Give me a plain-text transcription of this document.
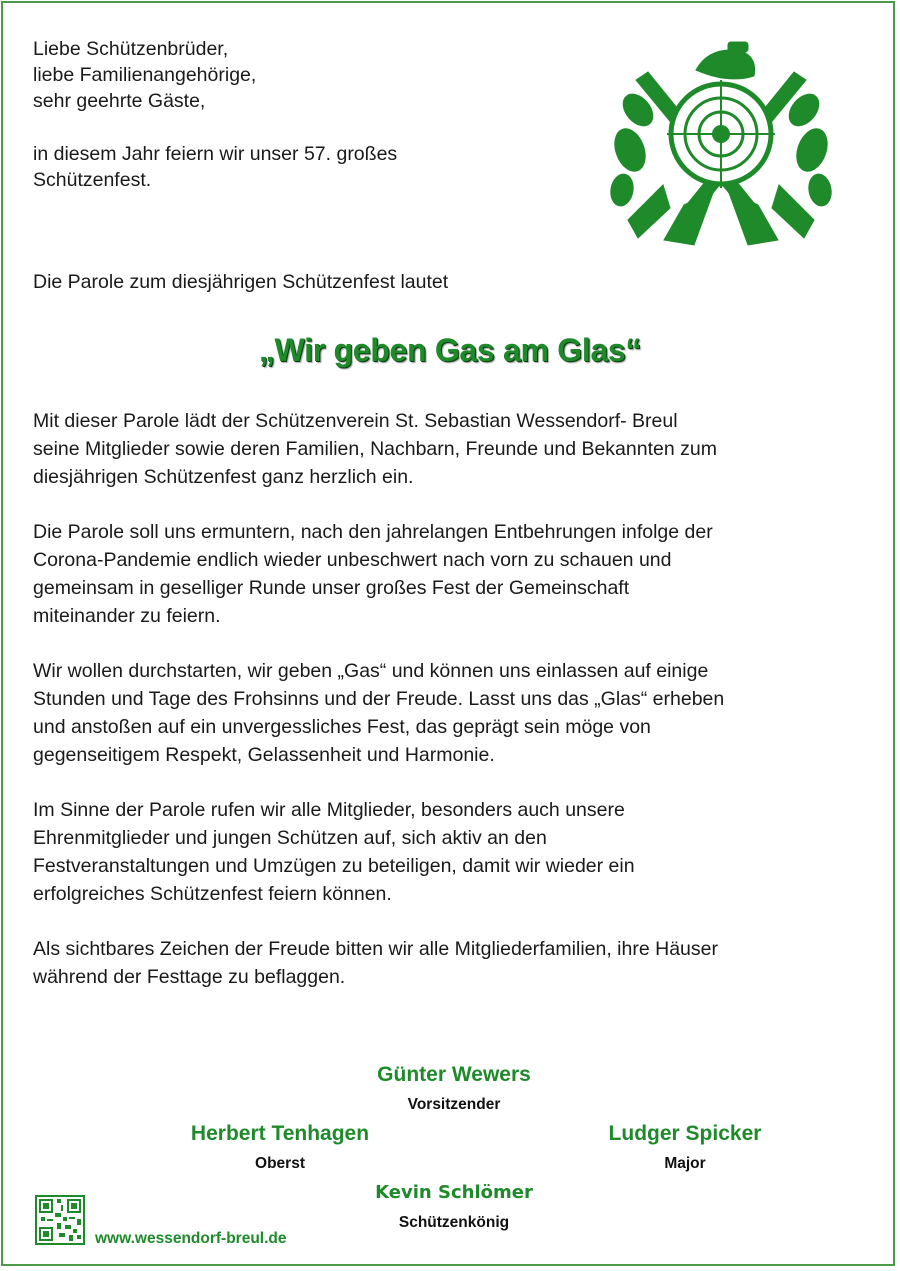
Liebe Schützenbrüder,

liebe Familienangehörige,

sehr geehrte Gäste,

in diesem Jahr feiern wir unser 57. großes

Schützenfest.

Die Parole zum diesjährigen Schützenfest lautet

„Wir geben Gas am Glas“

Mit dieser Parole lädt der Schützenverein St. Sebastian Wessendorf- Breul
seine Mitglieder sowie deren Familien, Nachbarn, Freunde und Bekannten zum
diesjährigen Schützenfest ganz herzlich ein.

Die Parole soll uns ermuntern, nach den jahrelangen Entbehrungen infolge der
Corona-Pandemie endlich wieder unbeschwert nach vorn zu schauen und
gemeinsam in geselliger Runde unser großes Fest der Gemeinschaft
miteinander zu feiern.

Wir wollen durchstarten, wir geben „Gas“ und können uns einlassen auf einige
Stunden und Tage des Frohsinns und der Freude. Lasst uns das „Glas“ erheben
und anstoßen auf ein unvergessliches Fest, das geprägt sein möge von
gegenseitigem Respekt, Gelassenheit und Harmonie.

Im Sinne der Parole rufen wir alle Mitglieder, besonders auch unsere
Ehrenmitglieder und jungen Schützen auf, sich aktiv an den
Festveranstaltungen und Umzügen zu beteiligen, damit wir wieder ein
erfolgreiches Schützenfest feiern können.

Als sichtbares Zeichen der Freude bitten wir alle Mitgliederfamilien, ihre Häuser
während der Festtage zu beflaggen.

Günter Wewers
Vorsitzender
Herbert Tenhagen
Oberst
Ludger Spicker
Major
Kevin Schlömer
Schützenkönig
www.wessendorf-breul.de
